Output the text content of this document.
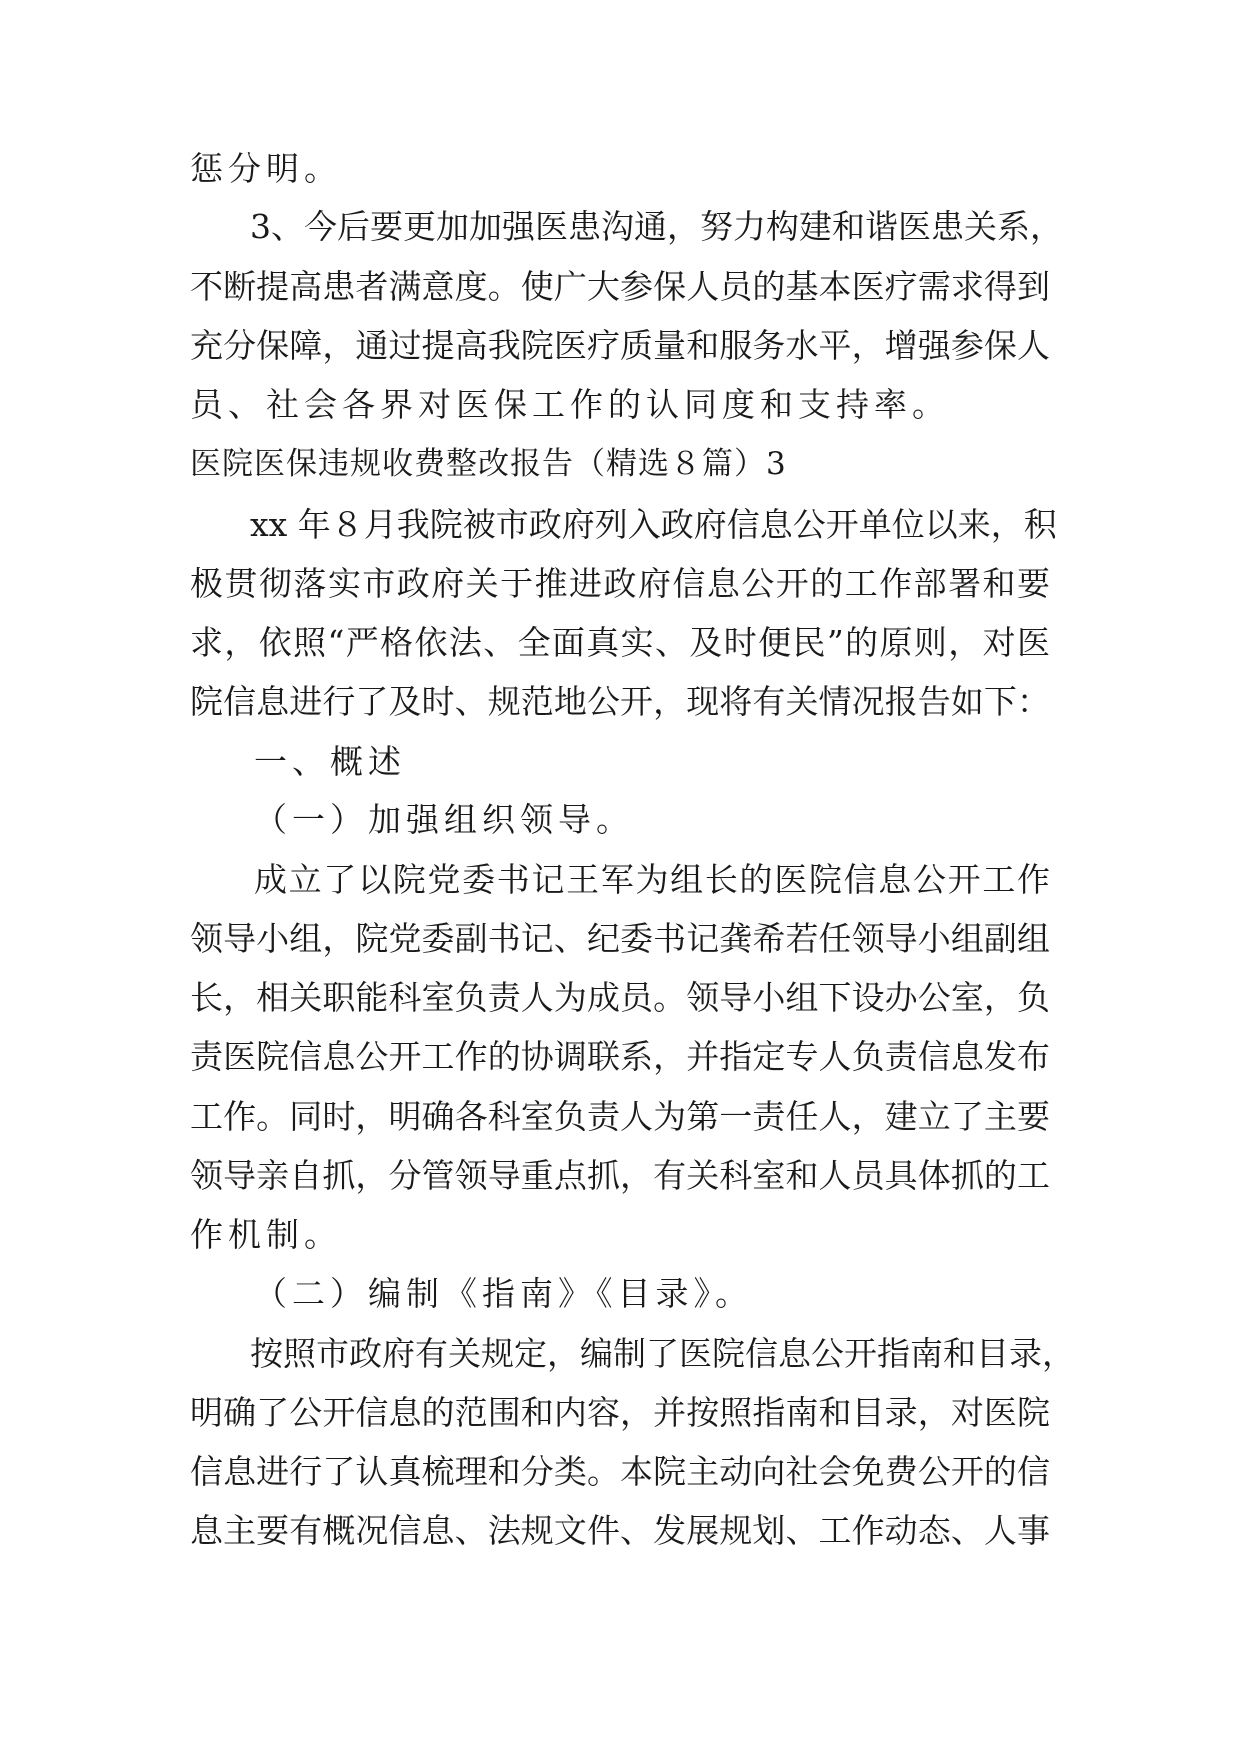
惩分明。
3、今后要更加加强医患沟通，努力构建和谐医患关系，
不断提高患者满意度。使广大参保人员的基本医疗需求得到
充分保障，通过提高我院医疗质量和服务水平，增强参保人
员、社会各界对医保工作的认同度和支持率。
医院医保违规收费整改报告（精选８篇）3
xx 年８月我院被市政府列入政府信息公开单位以来，积
极贯彻落实市政府关于推进政府信息公开的工作部署和要
求，依照“严格依法、全面真实、及时便民”的原则，对医
院信息进行了及时、规范地公开，现将有关情况报告如下：
一、概述
（一）加强组织领导。
成立了以院党委书记王军为组长的医院信息公开工作
领导小组，院党委副书记、纪委书记龚希若任领导小组副组
长，相关职能科室负责人为成员。领导小组下设办公室，负
责医院信息公开工作的协调联系，并指定专人负责信息发布
工作。同时，明确各科室负责人为第一责任人，建立了主要
领导亲自抓，分管领导重点抓，有关科室和人员具体抓的工
作机制。
（二）编制《指南》《目录》。
按照市政府有关规定，编制了医院信息公开指南和目录，
明确了公开信息的范围和内容，并按照指南和目录，对医院
信息进行了认真梳理和分类。本院主动向社会免费公开的信
息主要有概况信息、法规文件、发展规划、工作动态、人事
